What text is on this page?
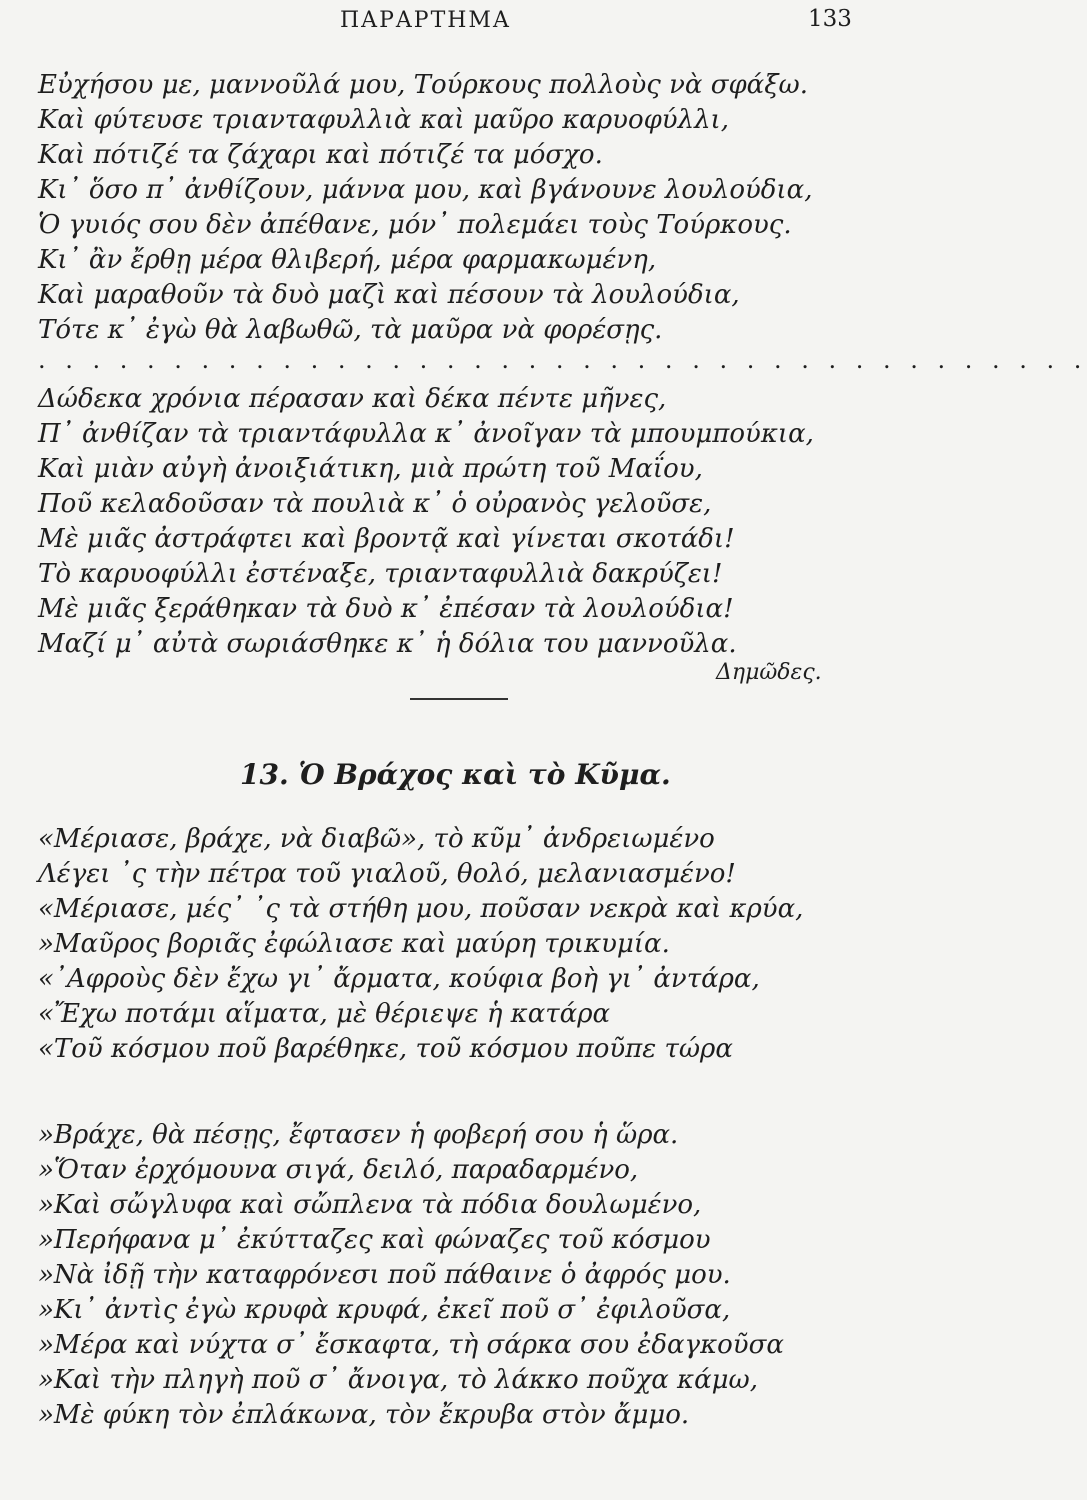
ΠΑΡΑΡΤΗΜΑ	133
Εὐχήσου με, μαννοῦλά μου, Τούρκους πολλοὺς νὰ σφάξω.
Καὶ φύτευσε τριανταφυλλιὰ καὶ μαῦρο καρυοφύλλι,
Καὶ πότιζέ τα ζάχαρι καὶ πότιζέ τα μόσχο.
Κι᾿ ὅσο π᾿ ἀνθίζουν, μάννα μου, καὶ βγάνουνε λουλούδια,
Ὁ γυιός σου δὲν ἀπέθανε, μόν᾿ πολεμάει τοὺς Τούρκους.
Κι᾿ ἂν ἔρθῃ μέρα θλιβερή, μέρα φαρμακωμένη,
Καὶ μαραθοῦν τὰ δυὸ μαζὶ καὶ πέσουν τὰ λουλούδια,
Τότε κ᾿ ἐγὼ θὰ λαβωθῶ, τὰ μαῦρα νὰ φορέσῃς.
. . . . . . . . . . . . . . . . . . . . . . . . . . . . . . . . . . . . . . .
Δώδεκα χρόνια πέρασαν καὶ δέκα πέντε μῆνες,
Π᾿ ἀνθίζαν τὰ τριαντάφυλλα κ᾿ ἀνοῖγαν τὰ μπουμπούκια,
Καὶ μιὰν αὐγὴ ἀνοιξιάτικη, μιὰ πρώτη τοῦ Μαΐου,
Ποῦ κελαδοῦσαν τὰ πουλιὰ κ᾿ ὁ οὐρανὸς γελοῦσε,
Μὲ μιᾶς ἀστράφτει καὶ βροντᾷ καὶ γίνεται σκοτάδι!
Τὸ καρυοφύλλι ἐστέναξε, τριανταφυλλιὰ δακρύζει!
Μὲ μιᾶς ξεράθηκαν τὰ δυὸ κ᾿ ἐπέσαν τὰ λουλούδια!
Μαζί μ᾿ αὐτὰ σωριάσθηκε κ᾿ ἡ δόλια του μαννοῦλα.
Δημῶδες.
13. Ὁ Βράχος καὶ τὸ Κῦμα.
«Μέριασε, βράχε, νὰ διαβῶ», τὸ κῦμ᾿ ἀνδρειωμένο
Λέγει ᾿ς τὴν πέτρα τοῦ γιαλοῦ, θολό, μελανιασμένο!
«Μέριασε, μές᾿ ᾿ς τὰ στήθη μου, ποῦσαν νεκρὰ καὶ κρύα,
»Μαῦρος βοριᾶς ἐφώλιασε καὶ μαύρη τρικυμία.
«᾿Αφροὺς δὲν ἔχω γι᾿ ἄρματα, κούφια βοὴ γι᾿ ἀντάρα,
«Ἔχω ποτάμι αἵματα, μὲ θέριεψε ἡ κατάρα
«Τοῦ κόσμου ποῦ βαρέθηκε, τοῦ κόσμου ποῦπε τώρα
»Βράχε, θὰ πέσῃς, ἔφτασεν ἡ φοβερή σου ἡ ὥρα.
»Ὅταν ἐρχόμουνα σιγά, δειλό, παραδαρμένο,
»Καὶ σὤγλυφα καὶ σὤπλενα τὰ πόδια δουλωμένο,
»Περήφανα μ᾿ ἐκύτταζες καὶ φώναζες τοῦ κόσμου
»Νὰ ἰδῇ τὴν καταφρόνεσι ποῦ πάθαινε ὁ ἀφρός μου.
»Κι᾿ ἀντὶς ἐγὼ κρυφὰ κρυφά, ἐκεῖ ποῦ σ᾿ ἐφιλοῦσα,
»Μέρα καὶ νύχτα σ᾿ ἔσκαφτα, τὴ σάρκα σου ἐδαγκοῦσα
»Καὶ τὴν πληγὴ ποῦ σ᾿ ἄνοιγα, τὸ λάκκο ποῦχα κάμω,
»Μὲ φύκη τὸν ἐπλάκωνα, τὸν ἔκρυβα στὸν ἄμμο.
